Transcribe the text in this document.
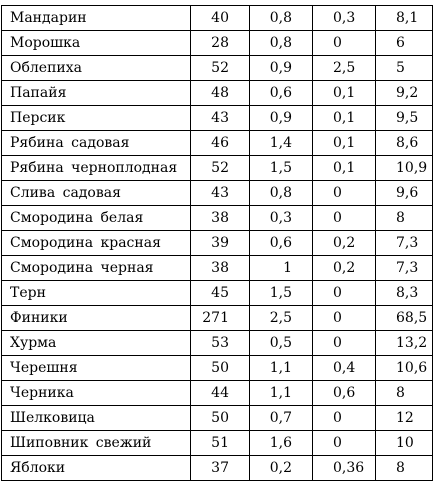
Мандарин	40	0,8	0,3	8,1
Морошка	28	0,8	0	6
Облепиха	52	0,9	2,5	5
Папайя	48	0,6	0,1	9,2
Персик	43	0,9	0,1	9,5
Рябина садовая	46	1,4	0,1	8,6
Рябина черноплодная	52	1,5	0,1	10,9
Слива садовая	43	0,8	0	9,6
Смородина белая	38	0,3	0	8
Смородина красная	39	0,6	0,2	7,3
Смородина черная	38	1	0,2	7,3
Терн	45	1,5	0	8,3
Финики	271	2,5	0	68,5
Хурма	53	0,5	0	13,2
Черешня	50	1,1	0,4	10,6
Черника	44	1,1	0,6	8
Шелковица	50	0,7	0	12
Шиповник свежий	51	1,6	0	10
Яблоки	37	0,2	0,36	8
